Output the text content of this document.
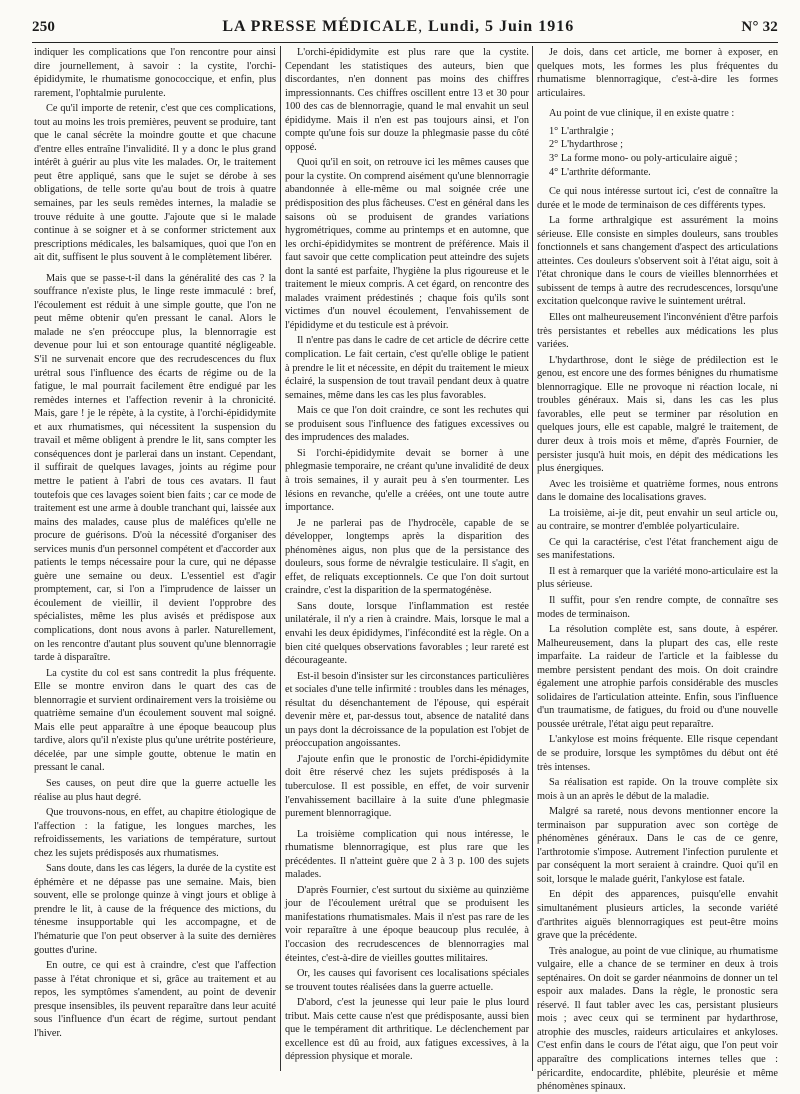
250	LA PRESSE MÉDICALE, Lundi, 5 Juin 1916	N° 32

indiquer les complications que l'on rencontre pour ainsi dire journellement, à savoir : la cystite, l'orchi-épididymite, le rhumatisme gonococcique, et enfin, plus rarement, l'ophtalmie purulente.

Ce qu'il importe de retenir, c'est que ces complications, tout au moins les trois premières, peuvent se produire, tant que le canal sécrète la moindre goutte et que chacune d'entre elles entraîne l'invalidité. Il y a donc le plus grand intérêt à guérir au plus vite les malades. Or, le traitement peut être appliqué, sans que le sujet se dérobe à ses obligations, de telle sorte qu'au bout de trois à quatre semaines, par les seuls remèdes internes, la maladie se trouve réduite à une goutte. J'ajoute que si le malade continue à se soigner et à se conformer strictement aux prescriptions médicales, les balsamiques, quoi que l'on en ait dit, suffisent le plus souvent à le complètement libérer.

Mais que se passe-t-il dans la généralité des cas ? la souffrance n'existe plus, le linge reste immaculé : bref, l'écoulement est réduit à une simple goutte, que l'on ne peut même obtenir qu'en pressant le canal. Alors le malade ne s'en préoccupe plus, la blennorragie est devenue pour lui et son entourage quantité négligeable. S'il ne survenait encore que des recrudescences du flux urétral sous l'influence des écarts de régime ou de la fatigue, le mal pourrait facilement être endigué par les remèdes internes et l'affection revenir à la chronicité. Mais, gare ! je le répète, à la cystite, à l'orchi-épididymite et aux rhumatismes, qui nécessitent la suspension du travail et même obligent à prendre le lit, sans compter les conséquences dont je parlerai dans un instant. Cependant, il suffirait de quelques lavages, joints au régime pour mettre le patient à l'abri de tous ces avatars. Il faut toutefois que ces lavages soient bien faits ; car ce mode de traitement est une arme à double tranchant qui, laissée aux mains des malades, cause plus de maléfices qu'elle ne procure de guérisons. D'où la nécessité d'organiser des services munis d'un personnel compétent et d'accorder aux patients le temps nécessaire pour la cure, qui ne dépasse guère une semaine ou deux. L'essentiel est d'agir promptement, car, si l'on a l'imprudence de laisser un écoulement de vieillir, il devient l'opprobre des spécialistes, même les plus avisés et prédispose aux complications, dont nous avons à parler. Naturellement, on les rencontre d'autant plus souvent qu'une blennorragie tarde à disparaître.

La cystite du col est sans contredit la plus fréquente. Elle se montre environ dans le quart des cas de blennorragie et survient ordinairement vers la troisième ou quatrième semaine d'un écoulement souvent mal soigné. Mais elle peut apparaître à une époque beaucoup plus tardive, alors qu'il n'existe plus qu'une urétrite postérieure, décelée, par une simple goutte, obtenue le matin en pressant le canal.

Ses causes, on peut dire que la guerre actuelle les réalise au plus haut degré.

Que trouvons-nous, en effet, au chapitre étiologique de l'affection : la fatigue, les longues marches, les refroidissements, les variations de température, surtout chez les sujets prédisposés aux rhumatismes.

Sans doute, dans les cas légers, la durée de la cystite est éphémère et ne dépasse pas une semaine. Mais, bien souvent, elle se prolonge quinze à vingt jours et oblige à prendre le lit, à cause de la fréquence des mictions, du ténesme insupportable qui les accompagne, et de l'hématurie que l'on peut observer à la suite des dernières gouttes d'urine.

En outre, ce qui est à craindre, c'est que l'affection passe à l'état chronique et si, grâce au traitement et au repos, les symptômes s'amendent, au point de devenir presque insensibles, ils peuvent reparaître dans leur acuité sous l'influence d'un écart de régime, surtout pendant l'hiver.

L'orchi-épididymite est plus rare que la cystite. Cependant les statistiques des auteurs, bien que discordantes, n'en donnent pas moins des chiffres impressionnants. Ces chiffres oscillent entre 13 et 30 pour 100 des cas de blennorragie, quand le mal envahit un seul épididyme. Mais il n'en est pas toujours ainsi, et l'on compte qu'une fois sur douze la phlegmasie passe du côté opposé.

Quoi qu'il en soit, on retrouve ici les mêmes causes que pour la cystite. On comprend aisément qu'une blennorragie abandonnée à elle-même ou mal soignée crée une prédisposition des plus fâcheuses. C'est en général dans les saisons où se produisent de grandes variations hygrométriques, comme au printemps et en automne, que les orchi-épididymites se montrent de préférence. Mais il faut savoir que cette complication peut atteindre des sujets dont la santé est parfaite, l'hygiène la plus rigoureuse et le traitement le mieux compris. A cet égard, on rencontre des malades vraiment prédestinés ; chaque fois qu'ils sont victimes d'un nouvel écoulement, l'envahissement de l'épididyme et du testicule est à prévoir.

Il n'entre pas dans le cadre de cet article de décrire cette complication. Le fait certain, c'est qu'elle oblige le patient à prendre le lit et nécessite, en dépit du traitement le mieux éclairé, la suspension de tout travail pendant deux à quatre semaines, même dans les cas les plus favorables.

Mais ce que l'on doit craindre, ce sont les rechutes qui se produisent sous l'influence des fatigues excessives ou des imprudences des malades.

Si l'orchi-épididymite devait se borner à une phlegmasie temporaire, ne créant qu'une invalidité de deux à trois semaines, il y aurait peu à s'en tourmenter. Les lésions en revanche, qu'elle a créées, ont une toute autre importance.

Je ne parlerai pas de l'hydrocèle, capable de se développer, longtemps après la disparition des phénomènes aigus, non plus que de la persistance des douleurs, sous forme de névralgie testiculaire. Il s'agit, en effet, de reliquats exceptionnels. Ce que l'on doit surtout craindre, c'est la disparition de la spermatogénèse.

Sans doute, lorsque l'inflammation est restée unilatérale, il n'y a rien à craindre. Mais, lorsque le mal a envahi les deux épididymes, l'infécondité est la règle. On a bien cité quelques observations favorables ; leur rareté est décourageante.

Est-il besoin d'insister sur les circonstances particulières et sociales d'une telle infirmité : troubles dans les ménages, résultat du désenchantement de l'épouse, qui espérait devenir mère et, par-dessus tout, absence de natalité dans un pays dont la décroissance de la population est l'objet de préoccupation angoissantes.

J'ajoute enfin que le pronostic de l'orchi-épididymite doit être réservé chez les sujets prédisposés à la tuberculose. Il est possible, en effet, de voir survenir l'envahissement bacillaire à la suite d'une phlegmasie purement blennorragique.

La troisième complication qui nous intéresse, le rhumatisme blennorragique, est plus rare que les précédentes. Il n'atteint guère que 2 à 3 p. 100 des sujets malades.

D'après Fournier, c'est surtout du sixième au quinzième jour de l'écoulement urétral que se produisent les manifestations rhumatismales. Mais il n'est pas rare de les voir reparaître à une époque beaucoup plus reculée, à l'occasion des recrudescences de blennorragies mal éteintes, c'est-à-dire de vieilles gouttes militaires.

Or, les causes qui favorisent ces localisations spéciales se trouvent toutes réalisées dans la guerre actuelle.

D'abord, c'est la jeunesse qui leur paie le plus lourd tribut. Mais cette cause n'est que prédisposante, aussi bien que le tempérament dit arthritique. Le déclenchement par excellence est dû au froid, aux fatigues excessives, à la dépression physique et morale.

Je dois, dans cet article, me borner à exposer, en quelques mots, les formes les plus fréquentes du rhumatisme blennorragique, c'est-à-dire les formes articulaires.

Au point de vue clinique, il en existe quatre :

1° L'arthralgie ;
2° L'hydarthrose ;
3° La forme mono- ou poly-articulaire aiguë ;
4° L'arthrite déformante.

Ce qui nous intéresse surtout ici, c'est de connaître la durée et le mode de terminaison de ces différents types.

La forme arthralgique est assurément la moins sérieuse. Elle consiste en simples douleurs, sans troubles fonctionnels et sans changement d'aspect des articulations atteintes. Ces douleurs s'observent soit à l'état aigu, soit à l'état chronique dans le cours de vieilles blennorrhées et subissent de temps à autre des recrudescences, lorsqu'une excitation quelconque ravive le suintement urétral.

Elles ont malheureusement l'inconvénient d'être parfois très persistantes et rebelles aux médications les plus variées.

L'hydarthrose, dont le siège de prédilection est le genou, est encore une des formes bénignes du rhumatisme blennorragique. Elle ne provoque ni réaction locale, ni troubles généraux. Mais si, dans les cas les plus favorables, elle peut se terminer par résolution en quelques jours, elle est capable, malgré le traitement, de durer deux à trois mois et même, d'après Fournier, de persister jusqu'à huit mois, en dépit des médications les plus énergiques.

Avec les troisième et quatrième formes, nous entrons dans le domaine des localisations graves.

La troisième, ai-je dit, peut envahir un seul article ou, au contraire, se montrer d'emblée polyarticulaire.

Ce qui la caractérise, c'est l'état franchement aigu de ses manifestations.

Il est à remarquer que la variété mono-articulaire est la plus sérieuse.

Il suffit, pour s'en rendre compte, de connaître ses modes de terminaison.

La résolution complète est, sans doute, à espérer. Malheureusement, dans la plupart des cas, elle reste imparfaite. La raideur de l'article et la faiblesse du membre persistent pendant des mois. On doit craindre également une atrophie parfois considérable des muscles solidaires de l'articulation atteinte. Enfin, sous l'influence d'un traumatisme, de fatigues, du froid ou d'une nouvelle poussée urétrale, l'état aigu peut reparaître.

L'ankylose est moins fréquente. Elle risque cependant de se produire, lorsque les symptômes du début ont été très intenses.

Sa réalisation est rapide. On la trouve complète six mois à un an après le début de la maladie.

Malgré sa rareté, nous devons mentionner encore la terminaison par suppuration avec son cortège de phénomènes généraux. Dans le cas de ce genre, l'arthrotomie s'impose. Autrement l'infection purulente et par conséquent la mort seraient à craindre. Quoi qu'il en soit, lorsque le malade guérit, l'ankylose est fatale.

En dépit des apparences, puisqu'elle envahit simultanément plusieurs articles, la seconde variété d'arthrites aiguës blennorragiques est peut-être moins grave que la précédente.

Très analogue, au point de vue clinique, au rhumatisme vulgaire, elle a chance de se terminer en deux à trois septénaires. On doit se garder néanmoins de donner un tel espoir aux malades. Dans la règle, le pronostic sera réservé. Il faut tabler avec les cas, persistant plusieurs mois ; avec ceux qui se terminent par hydarthrose, atrophie des muscles, raideurs articulaires et ankyloses. C'est enfin dans le cours de l'état aigu, que l'on peut voir apparaître des complications internes telles que : péricardite, endocardite, phlébite, pleurésie et même phénomènes spinaux.
